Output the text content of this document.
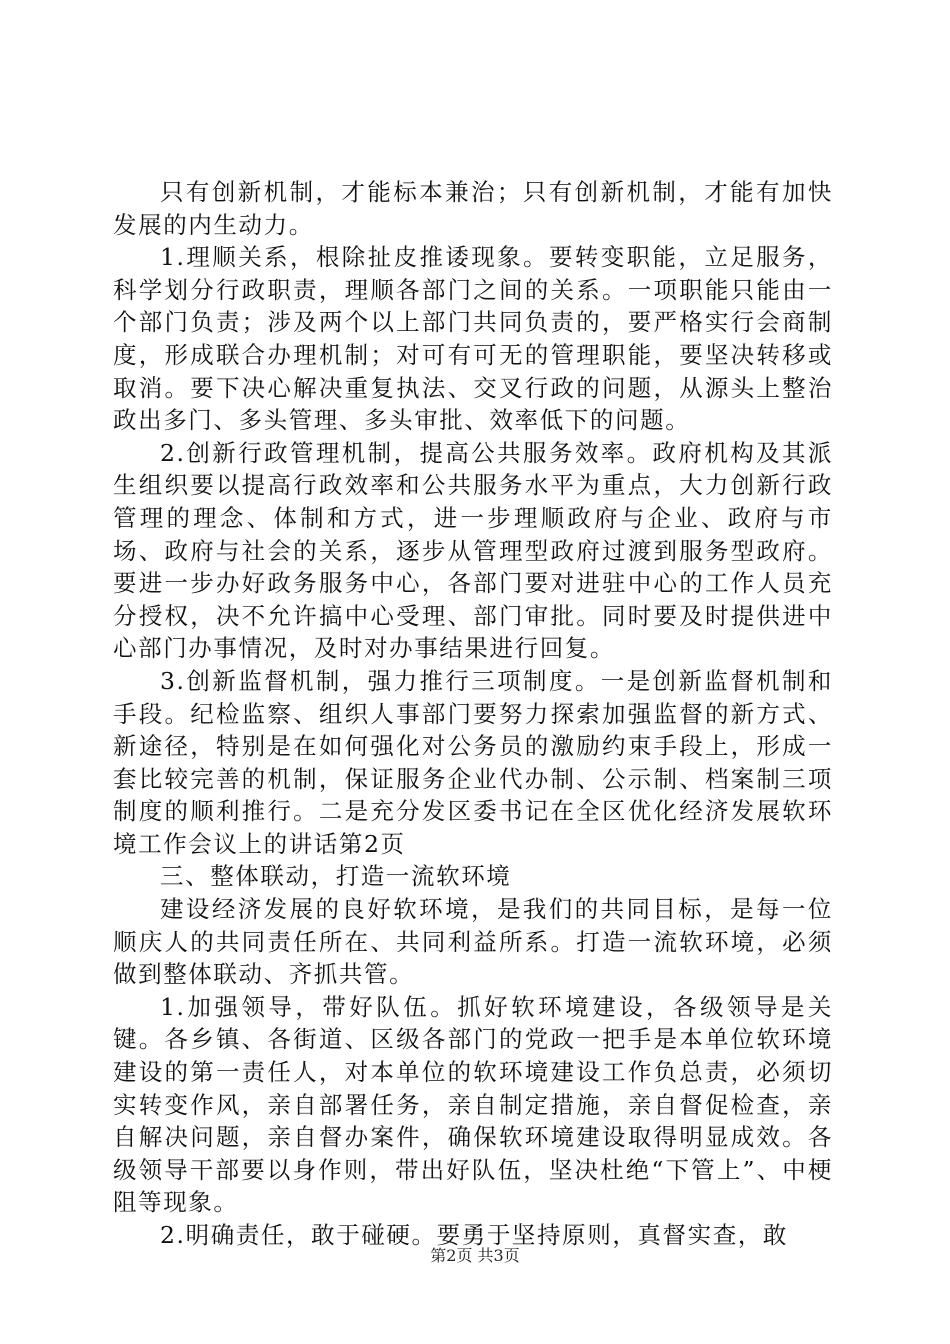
只有创新机制，才能标本兼治；只有创新机制，才能有加快发展的内生动力。

1.理顺关系，根除扯皮推诿现象。要转变职能，立足服务，科学划分行政职责，理顺各部门之间的关系。一项职能只能由一个部门负责；涉及两个以上部门共同负责的，要严格实行会商制度，形成联合办理机制；对可有可无的管理职能，要坚决转移或取消。要下决心解决重复执法、交叉行政的问题，从源头上整治政出多门、多头管理、多头审批、效率低下的问题。

2.创新行政管理机制，提高公共服务效率。政府机构及其派生组织要以提高行政效率和公共服务水平为重点，大力创新行政管理的理念、体制和方式，进一步理顺政府与企业、政府与市场、政府与社会的关系，逐步从管理型政府过渡到服务型政府。要进一步办好政务服务中心，各部门要对进驻中心的工作人员充分授权，决不允许搞中心受理、部门审批。同时要及时提供进中心部门办事情况，及时对办事结果进行回复。

3.创新监督机制，强力推行三项制度。一是创新监督机制和手段。纪检监察、组织人事部门要努力探索加强监督的新方式、新途径，特别是在如何强化对公务员的激励约束手段上，形成一套比较完善的机制，保证服务企业代办制、公示制、档案制三项制度的顺利推行。二是充分发区委书记在全区优化经济发展软环境工作会议上的讲话第2页

三、整体联动，打造一流软环境

建设经济发展的良好软环境，是我们的共同目标，是每一位顺庆人的共同责任所在、共同利益所系。打造一流软环境，必须做到整体联动、齐抓共管。

1.加强领导，带好队伍。抓好软环境建设，各级领导是关键。各乡镇、各街道、区级各部门的党政一把手是本单位软环境建设的第一责任人，对本单位的软环境建设工作负总责，必须切实转变作风，亲自部署任务，亲自制定措施，亲自督促检查，亲自解决问题，亲自督办案件，确保软环境建设取得明显成效。各级领导干部要以身作则，带出好队伍，坚决杜绝“下管上”、中梗阻等现象。

2.明确责任，敢于碰硬。要勇于坚持原则，真督实查，敢

第2页 共3页
